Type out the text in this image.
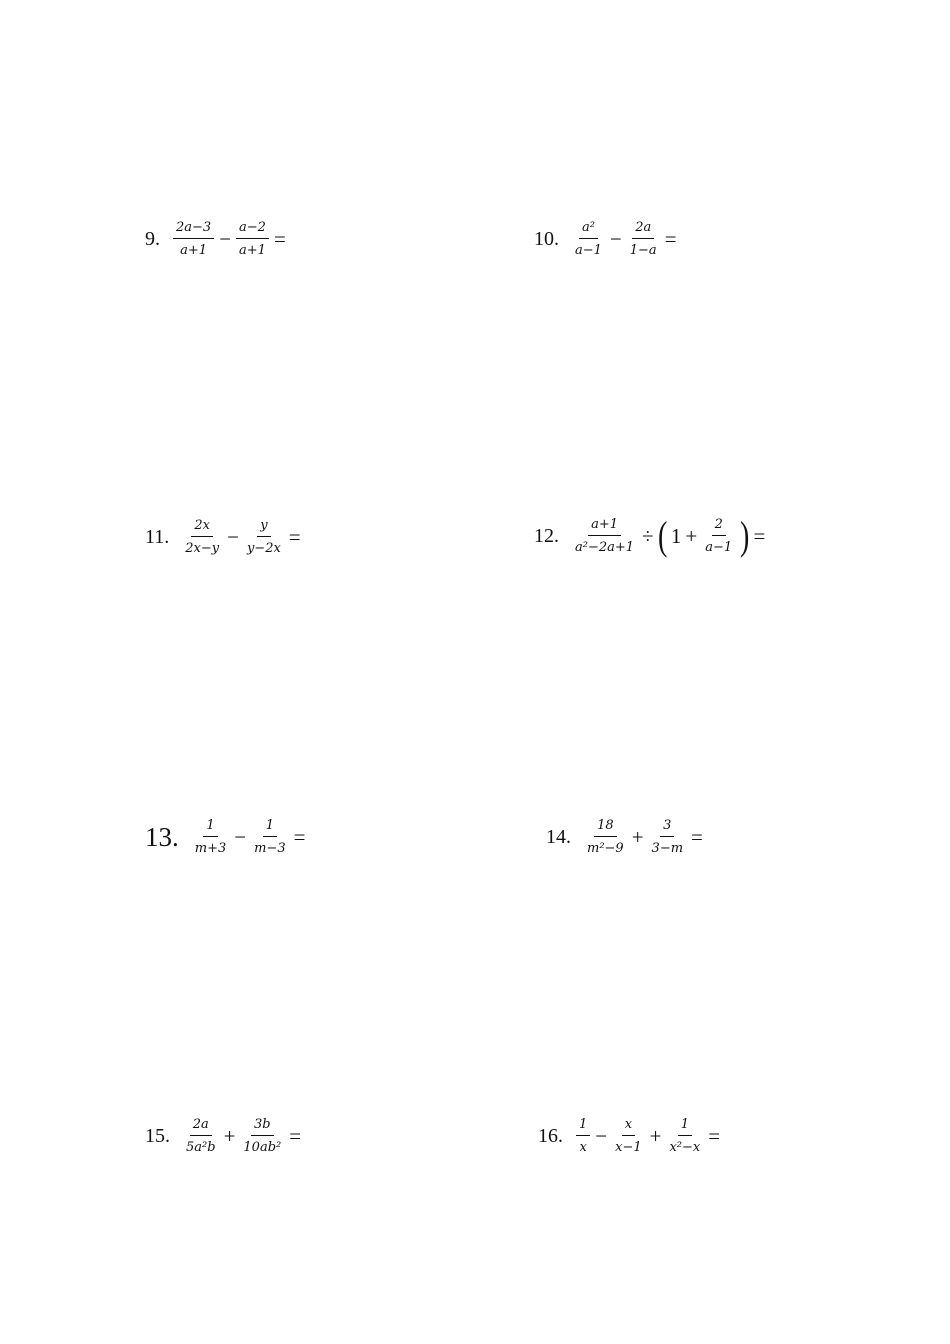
9. $\frac{2a-3}{a+1} - \frac{a-2}{a+1}$ =	10. $\frac{\text{a²}}{a-1} - \frac{2a}{1-a}$ =
11. $\frac{2x}{2x-y} - \frac{y}{y-2x}$ =	12. $\frac{a+1}{\text{a²−2a+1}}$ ÷ ( $1 + \frac{2}{a-1}$ ) =
13. $\frac{1}{m+3} - \frac{1}{m-3}$ =	14. $\frac{18}{\text{m²−9}} + \frac{3}{3-m}$ =
15. $\frac{2a}{\text{5a²b}} + \frac{3b}{\text{10ab²}}$ =	16. $\frac{1}{x} - \frac{x}{x-1} + \frac{1}{\text{x²−x}}$ =
